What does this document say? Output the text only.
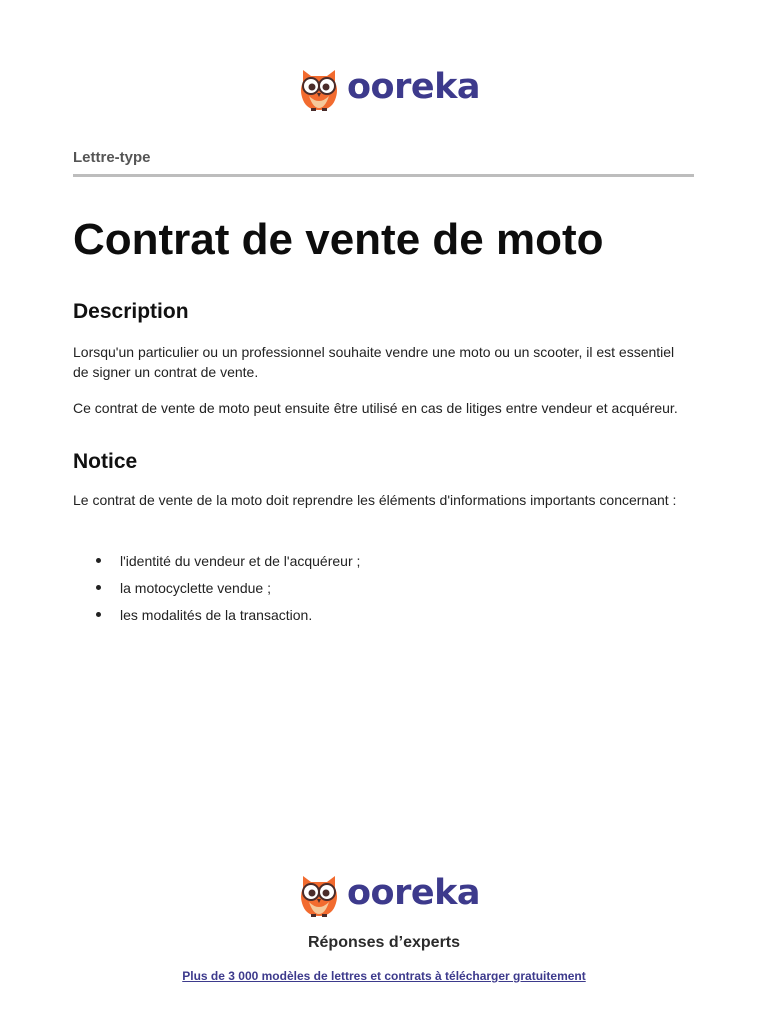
ooreka
Lettre-type
Contrat de vente de moto
Description

Lorsqu'un particulier ou un professionnel souhaite vendre une moto ou un scooter, il est essentiel de signer un contrat de vente.

Ce contrat de vente de moto peut ensuite être utilisé en cas de litiges entre vendeur et acquéreur.

Notice

Le contrat de vente de la moto doit reprendre les éléments d'informations importants concernant :

l'identité du vendeur et de l'acquéreur ;
la motocyclette vendue ;
les modalités de la transaction.
ooreka
Réponses d’experts
Plus de 3 000 modèles de lettres et contrats à télécharger gratuitement
